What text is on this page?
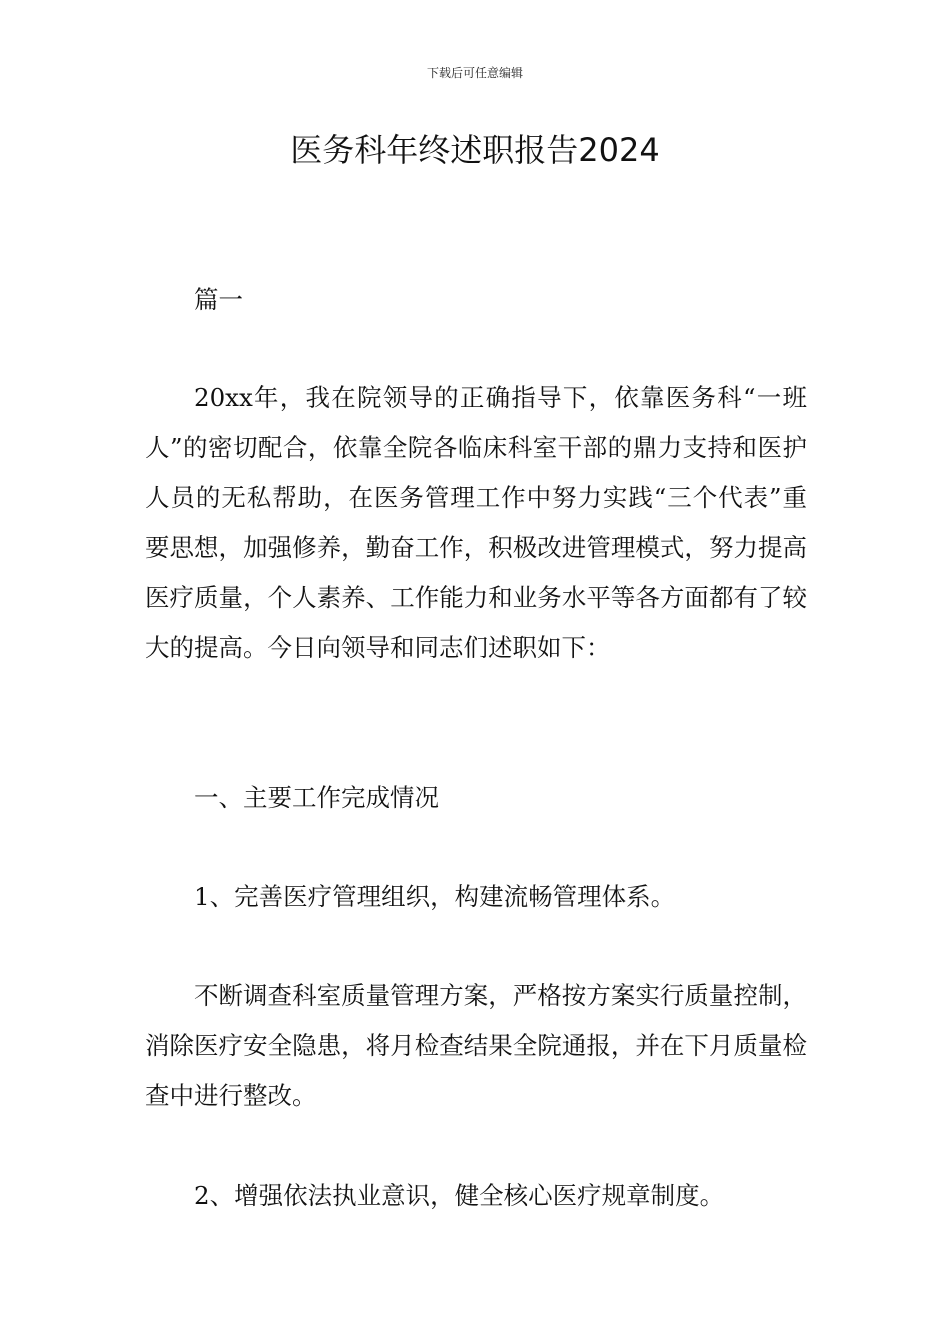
下载后可任意编辑
医务科年终述职报告2024

篇一

20xx年，我在院领导的正确指导下，依靠医务科“一班人”的密切配合，依靠全院各临床科室干部的鼎力支持和医护人员的无私帮助，在医务管理工作中努力实践“三个代表”重要思想，加强修养，勤奋工作，积极改进管理模式，努力提高医疗质量，个人素养、工作能力和业务水平等各方面都有了较大的提高。今日向领导和同志们述职如下：

一、主要工作完成情况

1、完善医疗管理组织，构建流畅管理体系。

不断调查科室质量管理方案，严格按方案实行质量控制，消除医疗安全隐患，将月检查结果全院通报，并在下月质量检查中进行整改。

2、增强依法执业意识，健全核心医疗规章制度。
